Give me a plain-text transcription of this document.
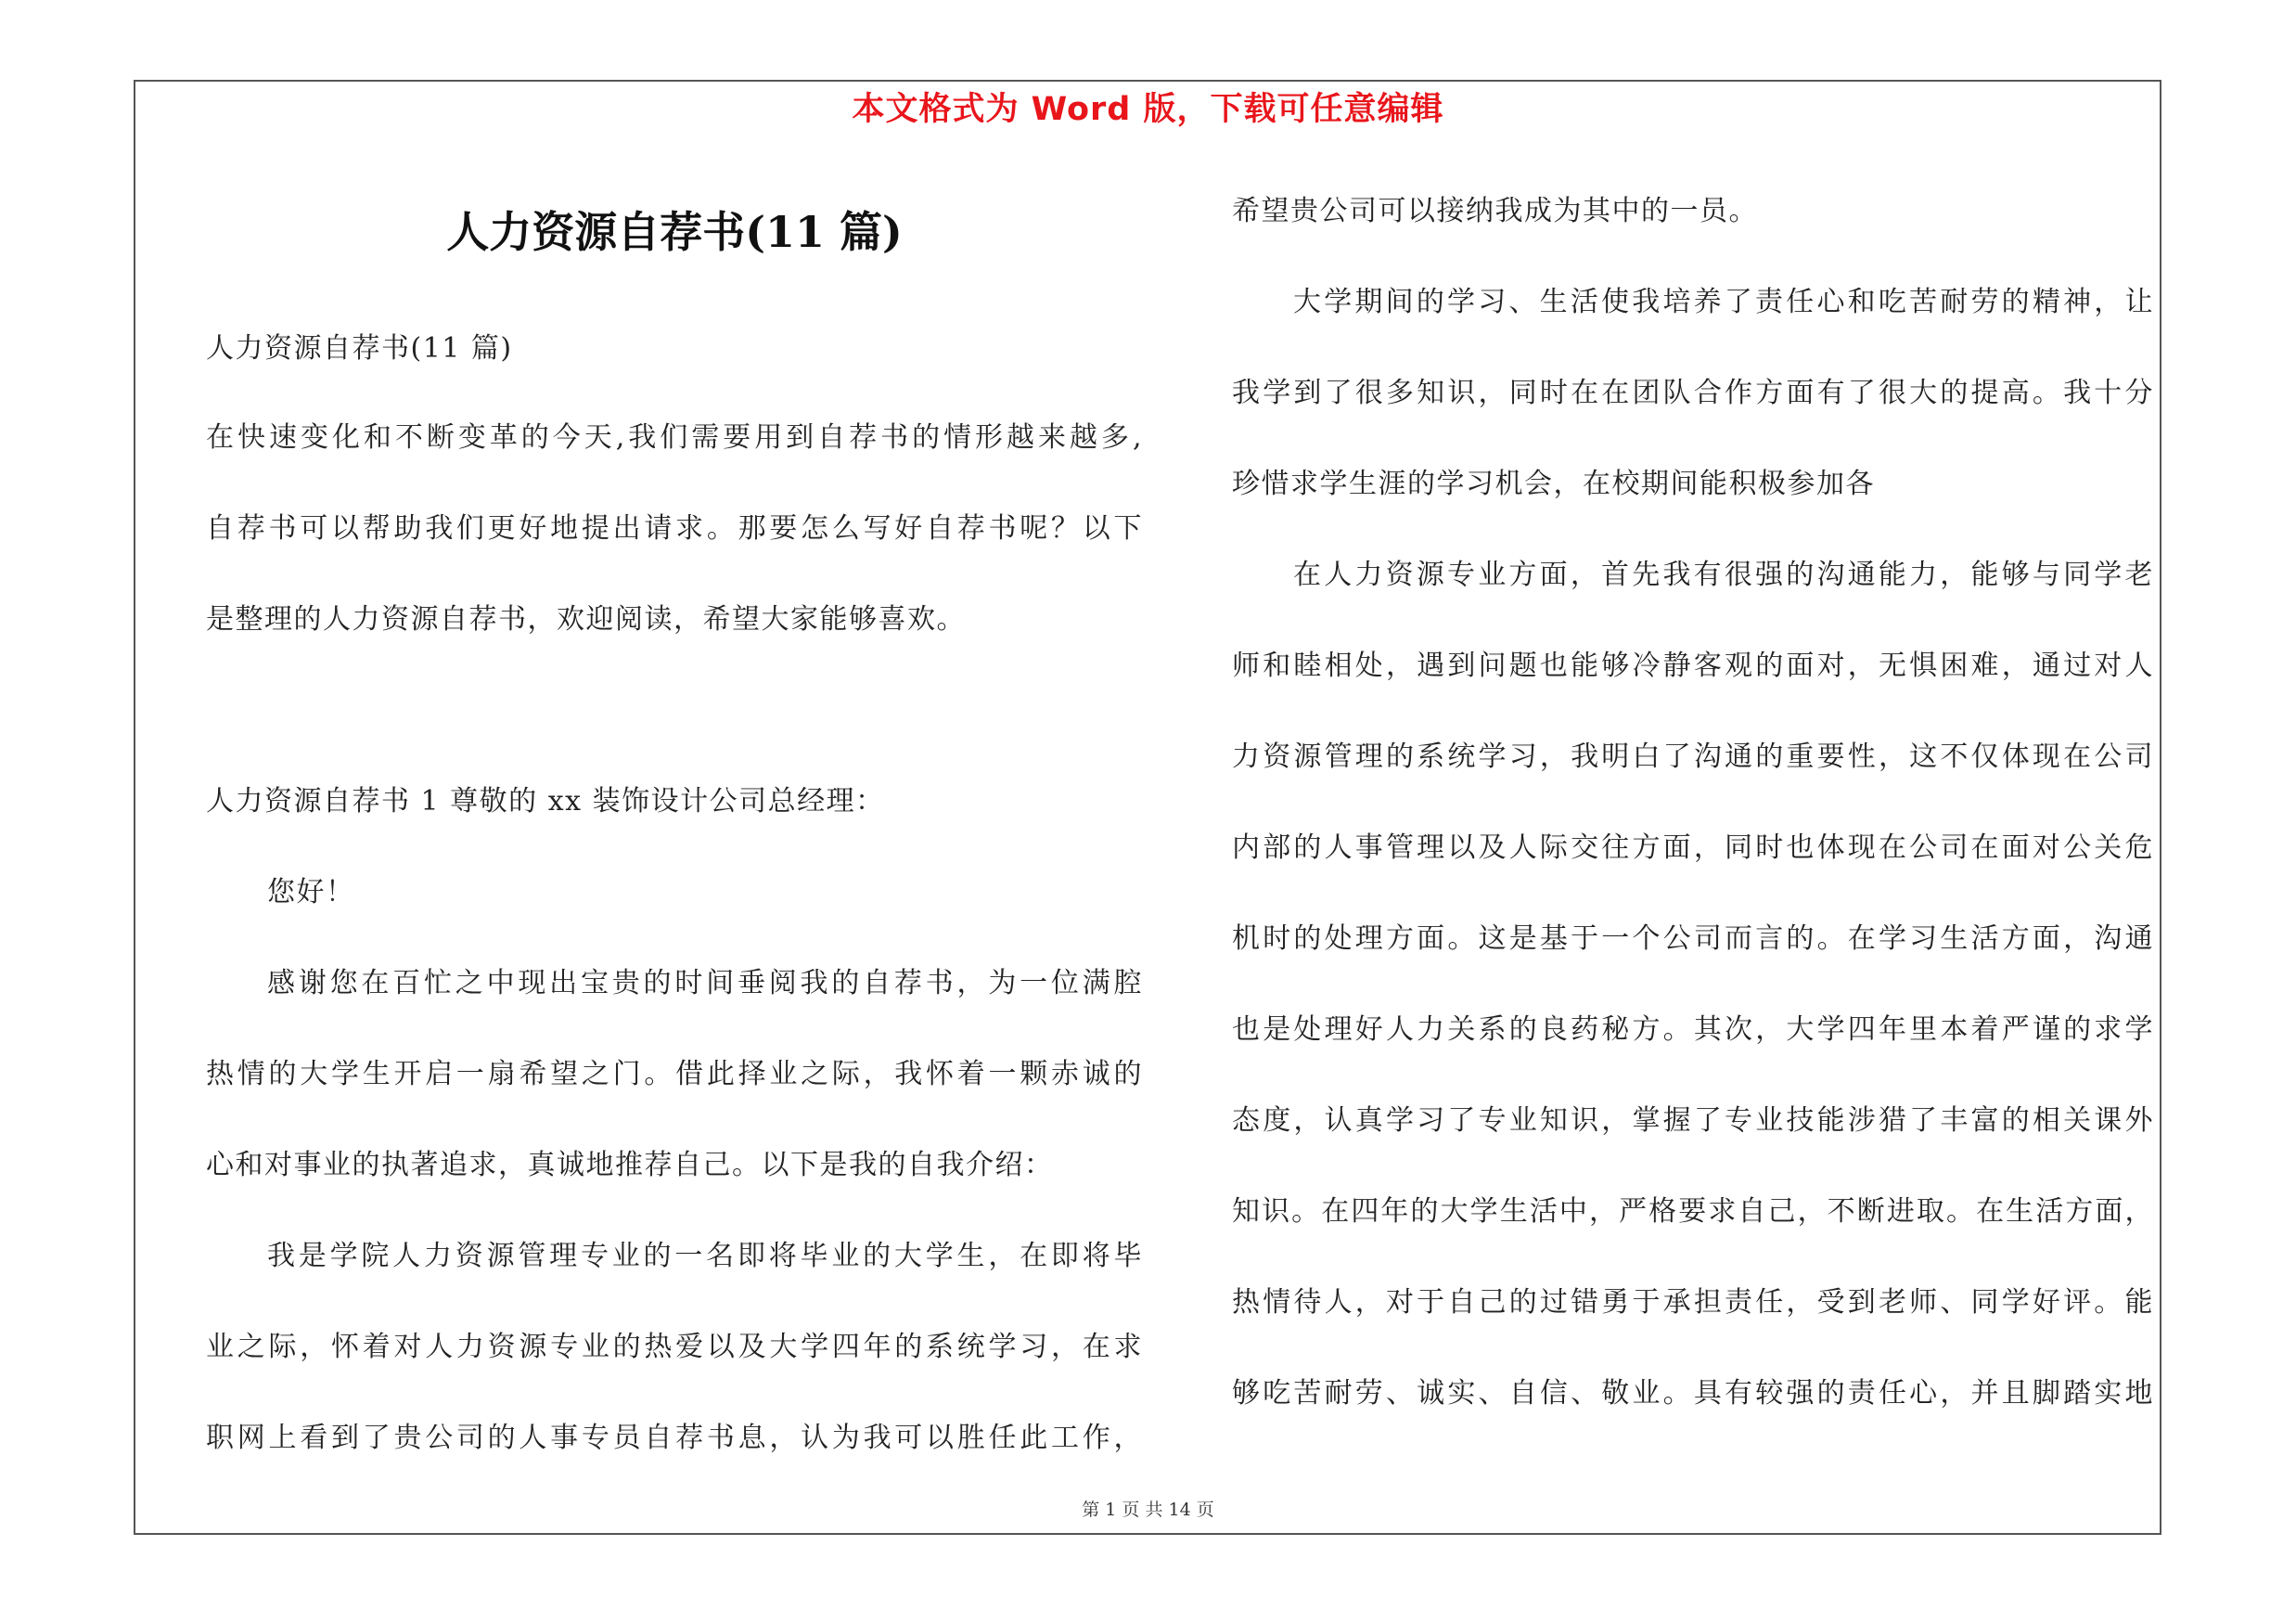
本文格式为 Word 版，下载可任意编辑
人力资源自荐书(11 篇)
人力资源自荐书(11 篇)
在快速变化和不断变革的今天,我们需要用到自荐书的情形越来越多,
自荐书可以帮助我们更好地提出请求。那要怎么写好自荐书呢？以下
是整理的人力资源自荐书，欢迎阅读，希望大家能够喜欢。
人力资源自荐书 1 尊敬的 xx 装饰设计公司总经理：
您好！
感谢您在百忙之中现出宝贵的时间垂阅我的自荐书，为一位满腔
热情的大学生开启一扇希望之门。借此择业之际，我怀着一颗赤诚的
心和对事业的执著追求，真诚地推荐自己。以下是我的自我介绍：
我是学院人力资源管理专业的一名即将毕业的大学生，在即将毕
业之际，怀着对人力资源专业的热爱以及大学四年的系统学习，在求
职网上看到了贵公司的人事专员自荐书息，认为我可以胜任此工作，
希望贵公司可以接纳我成为其中的一员。
大学期间的学习、生活使我培养了责任心和吃苦耐劳的精神，让
我学到了很多知识，同时在在团队合作方面有了很大的提高。我十分
珍惜求学生涯的学习机会，在校期间能积极参加各
在人力资源专业方面，首先我有很强的沟通能力，能够与同学老
师和睦相处，遇到问题也能够冷静客观的面对，无惧困难，通过对人
力资源管理的系统学习，我明白了沟通的重要性，这不仅体现在公司
内部的人事管理以及人际交往方面，同时也体现在公司在面对公关危
机时的处理方面。这是基于一个公司而言的。在学习生活方面，沟通
也是处理好人力关系的良药秘方。其次，大学四年里本着严谨的求学
态度，认真学习了专业知识，掌握了专业技能涉猎了丰富的相关课外
知识。在四年的大学生活中，严格要求自己，不断进取。在生活方面，
热情待人，对于自己的过错勇于承担责任，受到老师、同学好评。能
够吃苦耐劳、诚实、自信、敬业。具有较强的责任心，并且脚踏实地
第 1 页 共 14 页
